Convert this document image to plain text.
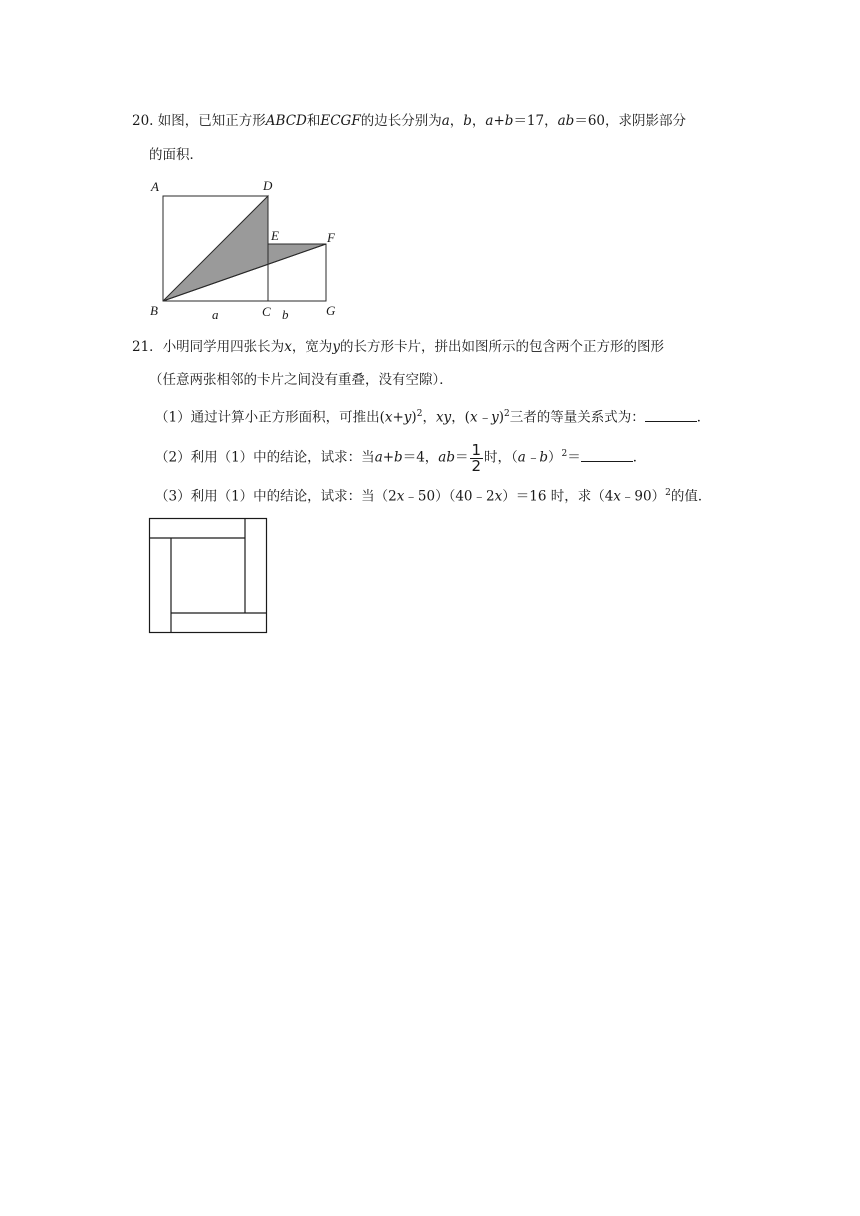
20. 如图，已知正方形ABCD和ECGF的边长分别为a，b，a+b＝17，ab＝60，求阴影部分
的面积．
A	D
E	F
B	C	G
a	b
21．小明同学用四张长为x，宽为y的长方形卡片，拼出如图所示的包含两个正方形的图形
（任意两张相邻的卡片之间没有重叠，没有空隙）．
（1）通过计算小正方形面积，可推出$(x+y)^2$，xy，(x﹣y)$^2$三者的等量关系式为：	．
（2）利用（1）中的结论，试求：当a+b＝4，$ab= \frac{1}{2}$ 时，（a﹣b）$^2$＝	．
（3）利用（1）中的结论，试求：当（2x﹣50）（40﹣2x）＝16 时，求（4x﹣90）$^2$的值．
